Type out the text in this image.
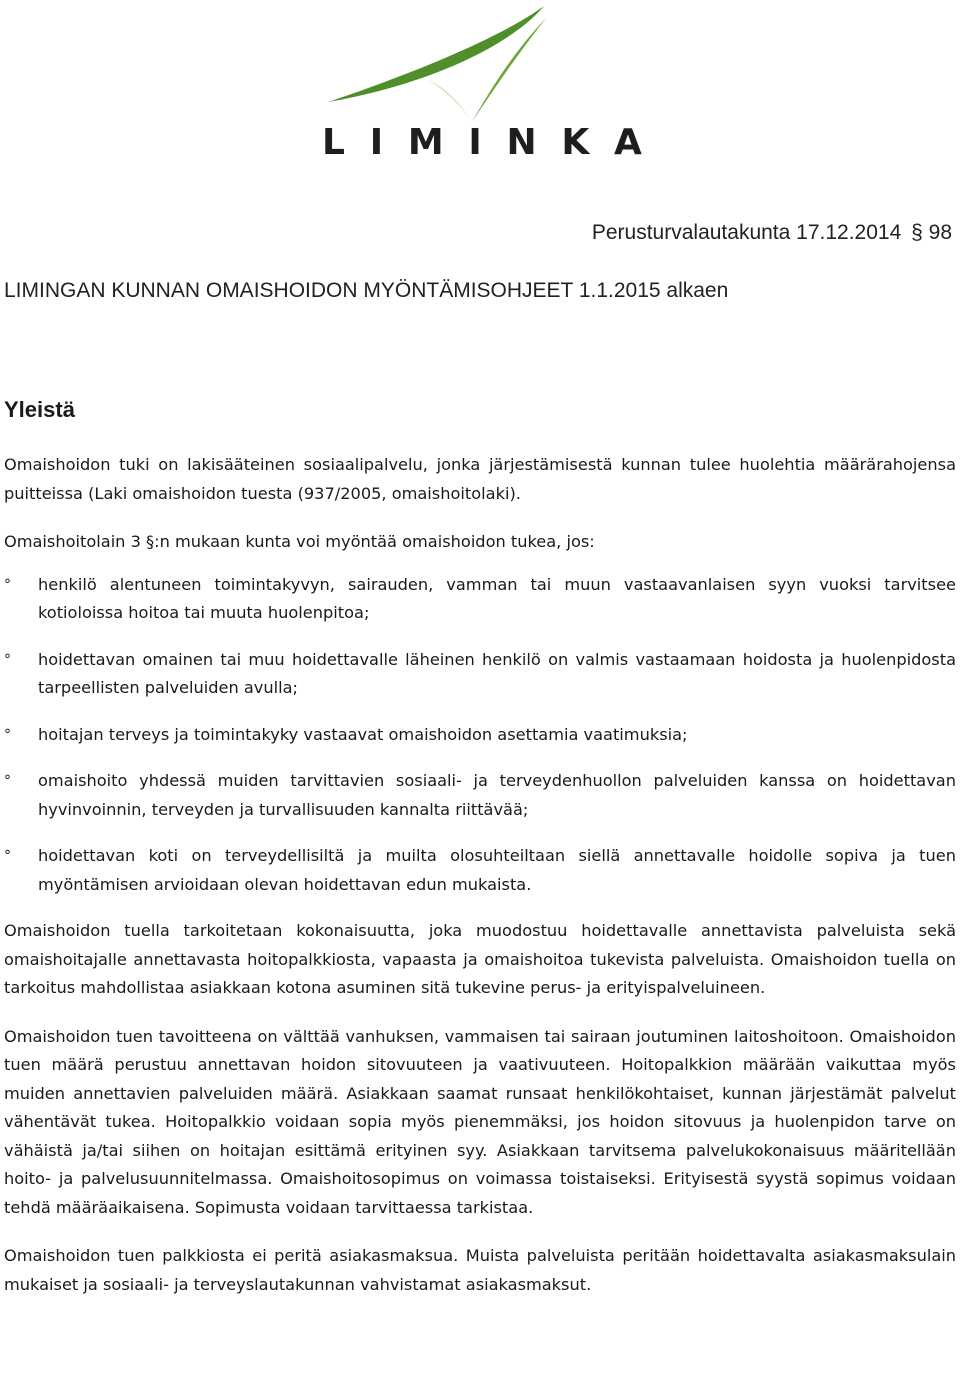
L I M I N K A
Perusturvalautakunta 17.12.2014 § 98
LIMINGAN KUNNAN OMAISHOIDON MYÖNTÄMISOHJEET 1.1.2015 alkaen
Yleistä

Omaishoidon tuki on lakisääteinen sosiaalipalvelu, jonka järjestämisestä kunnan tulee huolehtia määrärahojensa puitteissa (Laki omaishoidon tuesta (937/2005, omaishoitolaki).

Omaishoitolain 3 §:n mukaan kunta voi myöntää omaishoidon tukea, jos:

° henkilö alentuneen toimintakyvyn, sairauden, vamman tai muun vastaavanlaisen syyn vuoksi tarvitsee kotioloissa hoitoa tai muuta huolenpitoa;
° hoidettavan omainen tai muu hoidettavalle läheinen henkilö on valmis vastaamaan hoidosta ja huolenpidosta tarpeellisten palveluiden avulla;
° hoitajan terveys ja toimintakyky vastaavat omaishoidon asettamia vaatimuksia;
° omaishoito yhdessä muiden tarvittavien sosiaali- ja terveydenhuollon palveluiden kanssa on hoidettavan hyvinvoinnin, terveyden ja turvallisuuden kannalta riittävää;
° hoidettavan koti on terveydellisiltä ja muilta olosuhteiltaan siellä annettavalle hoidolle sopiva ja tuen myöntämisen arvioidaan olevan hoidettavan edun mukaista.

Omaishoidon tuella tarkoitetaan kokonaisuutta, joka muodostuu hoidettavalle annettavista palveluista sekä omaishoitajalle annettavasta hoitopalkkiosta, vapaasta ja omaishoitoa tukevista palveluista. Omaishoidon tuella on tarkoitus mahdollistaa asiakkaan kotona asuminen sitä tukevine perus- ja erityispalveluineen.

Omaishoidon tuen tavoitteena on välttää vanhuksen, vammaisen tai sairaan joutuminen laitoshoitoon. Omaishoidon tuen määrä perustuu annettavan hoidon sitovuuteen ja vaativuuteen. Hoitopalkkion määrään vaikuttaa myös muiden annettavien palveluiden määrä. Asiakkaan saamat runsaat henkilökohtaiset, kunnan järjestämät palvelut vähentävät tukea. Hoitopalkkio voidaan sopia myös pienemmäksi, jos hoidon sitovuus ja huolenpidon tarve on vähäistä ja/tai siihen on hoitajan esittämä erityinen syy. Asiakkaan tarvitsema palvelukokonaisuus määritellään hoito- ja palvelusuunnitelmassa. Omaishoitosopimus on voimassa toistaiseksi. Erityisestä syystä sopimus voidaan tehdä määräaikaisena. Sopimusta voidaan tarvittaessa tarkistaa.

Omaishoidon tuen palkkiosta ei peritä asiakasmaksua. Muista palveluista peritään hoidettavalta asiakasmaksulain mukaiset ja sosiaali- ja terveyslautakunnan vahvistamat asiakasmaksut.
